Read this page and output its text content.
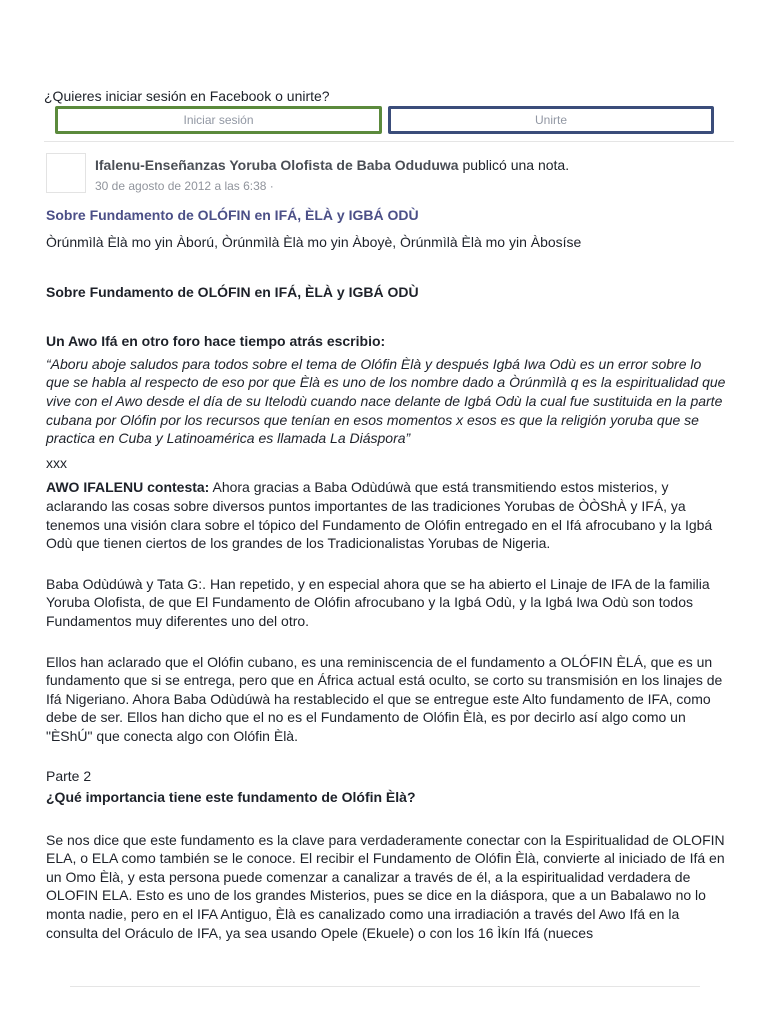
¿Quieres iniciar sesión en Facebook o unirte?

Iniciar sesión	Unirte
Ifalenu-Enseñanzas Yoruba Olofista de Baba Oduduwa publicó una nota.
30 de agosto de 2012 a las 6:38 ·
Sobre Fundamento de OLÓFIN en IFÁ, ÈLÀ y IGBÁ ODÙ

Òrúnmìlà Èlà mo yin Àború, Òrúnmìlà Èlà mo yin Àboyè, Òrúnmìlà Èlà mo yin Àbosíse

Sobre Fundamento de OLÓFIN en IFÁ, ÈLÀ y IGBÁ ODÙ

Un Awo Ifá en otro foro hace tiempo atrás escribio:

“Aboru aboje saludos para todos sobre el tema de Olófin Èlà y después Igbá Iwa Odù es un error sobre lo que se habla al respecto de eso por que Èlà es uno de los nombre dado a Òrúnmìlà q es la espiritualidad que vive con el Awo desde el día de su Itelodù cuando nace delante de Igbá Odù la cual fue sustituida en la parte cubana por Olófin por los recursos que tenían en esos momentos x esos es que la religión yoruba que se practica en Cuba y Latinoamérica es llamada La Diáspora”

xxx

AWO IFALENU contesta: Ahora gracias a Baba Odùdúwà que está transmitiendo estos misterios, y aclarando las cosas sobre diversos puntos importantes de las tradiciones Yorubas de ÒÒShÀ y IFÁ, ya tenemos una visión clara sobre el tópico del Fundamento de Olófin entregado en el Ifá afrocubano y la Igbá Odù que tienen ciertos de los grandes de los Tradicionalistas Yorubas de Nigeria.

Baba Odùdúwà y Tata G:. Han repetido, y en especial ahora que se ha abierto el Linaje de IFA de la familia Yoruba Olofista, de que El Fundamento de Olófin afrocubano y la Igbá Odù, y la Igbá Iwa Odù son todos Fundamentos muy diferentes uno del otro.

Ellos han aclarado que el Olófin cubano, es una reminiscencia de el fundamento a OLÓFIN ÈLÁ, que es un fundamento que si se entrega, pero que en África actual está oculto, se corto su transmisión en los linajes de Ifá Nigeriano. Ahora Baba Odùdúwà ha restablecido el que se entregue este Alto fundamento de IFA, como debe de ser. Ellos han dicho que el no es el Fundamento de Olófin Èlà, es por decirlo así algo como un "ÈShÚ" que conecta algo con Olófin Èlà.

Parte 2

¿Qué importancia tiene este fundamento de Olófin Èlà?

Se nos dice que este fundamento es la clave para verdaderamente conectar con la Espiritualidad de OLOFIN ELA, o ELA como también se le conoce. El recibir el Fundamento de Olófin Èlà, convierte al iniciado de Ifá en un Omo Èlà, y esta persona puede comenzar a canalizar a través de él, a la espiritualidad verdadera de OLOFIN ELA. Esto es uno de los grandes Misterios, pues se dice en la diáspora, que a un Babalawo no lo monta nadie, pero en el IFA Antiguo, Èlà es canalizado como una irradiación a través del Awo Ifá en la consulta del Oráculo de IFA, ya sea usando Opele (Ekuele) o con los 16 Ìkín Ifá (nueces
